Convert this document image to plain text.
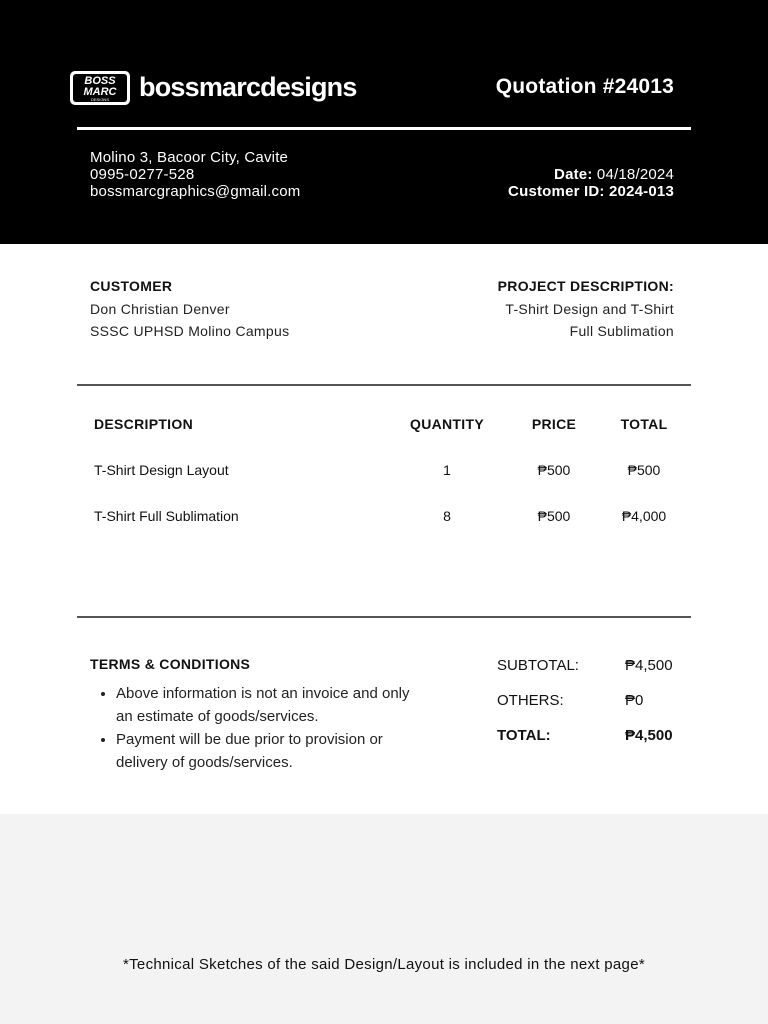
BOSS
MARC
DESIGNS bossmarcdesigns	Quotation #24013
Molino 3, Bacoor City, Cavite
0995-0277-528
bossmarcgraphics@gmail.com
Date: 04/18/2024
Customer ID: 2024-013
CUSTOMER
Don Christian Denver
SSSC UPHSD Molino Campus
PROJECT DESCRIPTION:
T-Shirt Design and T-Shirt
Full Sublimation
DESCRIPTION	QUANTITY	PRICE	TOTAL
T-Shirt Design Layout	1	₱500	₱500
T-Shirt Full Sublimation	8	₱500	₱4,000
TERMS & CONDITIONS
• Above information is not an invoice and only an estimate of goods/services.
• Payment will be due prior to provision or delivery of goods/services.
SUBTOTAL:	₱4,500
OTHERS:	₱0
TOTAL:	₱4,500
*Technical Sketches of the said Design/Layout is included in the next page*
